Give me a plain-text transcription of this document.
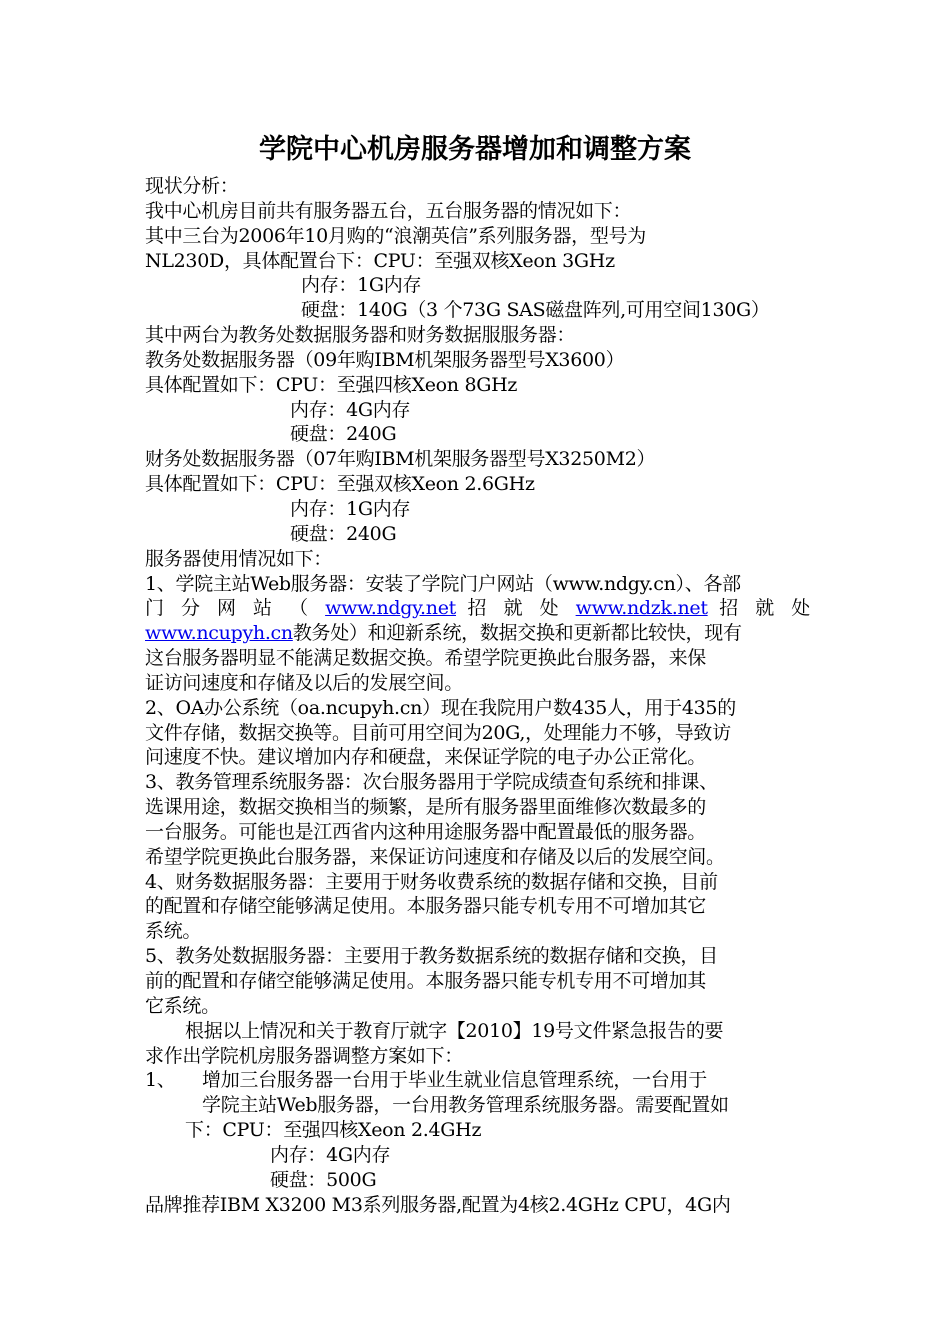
学院中心机房服务器增加和调整方案
现状分析：
我中心机房目前共有服务器五台，五台服务器的情况如下：
其中三台为2006年10月购的“浪潮英信”系列服务器，型号为
NL230D，具体配置台下：CPU：至强双核Xeon 3GHz
内存：1G内存
硬盘：140G（3 个73G SAS磁盘阵列,可用空间130G）
其中两台为教务处数据服务器和财务数据服服务器：
教务处数据服务器（09年购IBM机架服务器型号X3600）
具体配置如下：CPU：至强四核Xeon 8GHz
内存：4G内存
硬盘：240G
财务处数据服务器（07年购IBM机架服务器型号X3250M2）
具体配置如下：CPU：至强双核Xeon 2.6GHz
内存：1G内存
硬盘：240G
服务器使用情况如下：
1、学院主站Web服务器：安装了学院门户网站（www.ndgy.cn）、各部
门 分 网 站 （ www.ndgy.net 招 就 处 www.ndzk.net 招 就 处
www.ncupyh.cn教务处）和迎新系统，数据交换和更新都比较快，现有
这台服务器明显不能满足数据交换。希望学院更换此台服务器，来保
证访问速度和存储及以后的发展空间。
2、OA办公系统（oa.ncupyh.cn）现在我院用户数435人，用于435的
文件存储，数据交换等。目前可用空间为20G,，处理能力不够，导致访
问速度不快。建议增加内存和硬盘，来保证学院的电子办公正常化。
3、教务管理系统服务器：次台服务器用于学院成绩查旬系统和排课、
选课用途，数据交换相当的频繁，是所有服务器里面维修次数最多的
一台服务。可能也是江西省内这种用途服务器中配置最低的服务器。
希望学院更换此台服务器，来保证访问速度和存储及以后的发展空间。
4、财务数据服务器：主要用于财务收费系统的数据存储和交换，目前
的配置和存储空能够满足使用。本服务器只能专机专用不可增加其它
系统。
5、教务处数据服务器：主要用于教务数据系统的数据存储和交换，目
前的配置和存储空能够满足使用。本服务器只能专机专用不可增加其
它系统。
根据以上情况和关于教育厅就字【2010】19号文件紧急报告的要
求作出学院机房服务器调整方案如下：
1、 增加三台服务器一台用于毕业生就业信息管理系统，一台用于
学院主站Web服务器，一台用教务管理系统服务器。需要配置如
下：CPU：至强四核Xeon 2.4GHz
内存：4G内存
硬盘：500G
品牌推荐IBM X3200 M3系列服务器,配置为4核2.4GHz CPU，4G内
